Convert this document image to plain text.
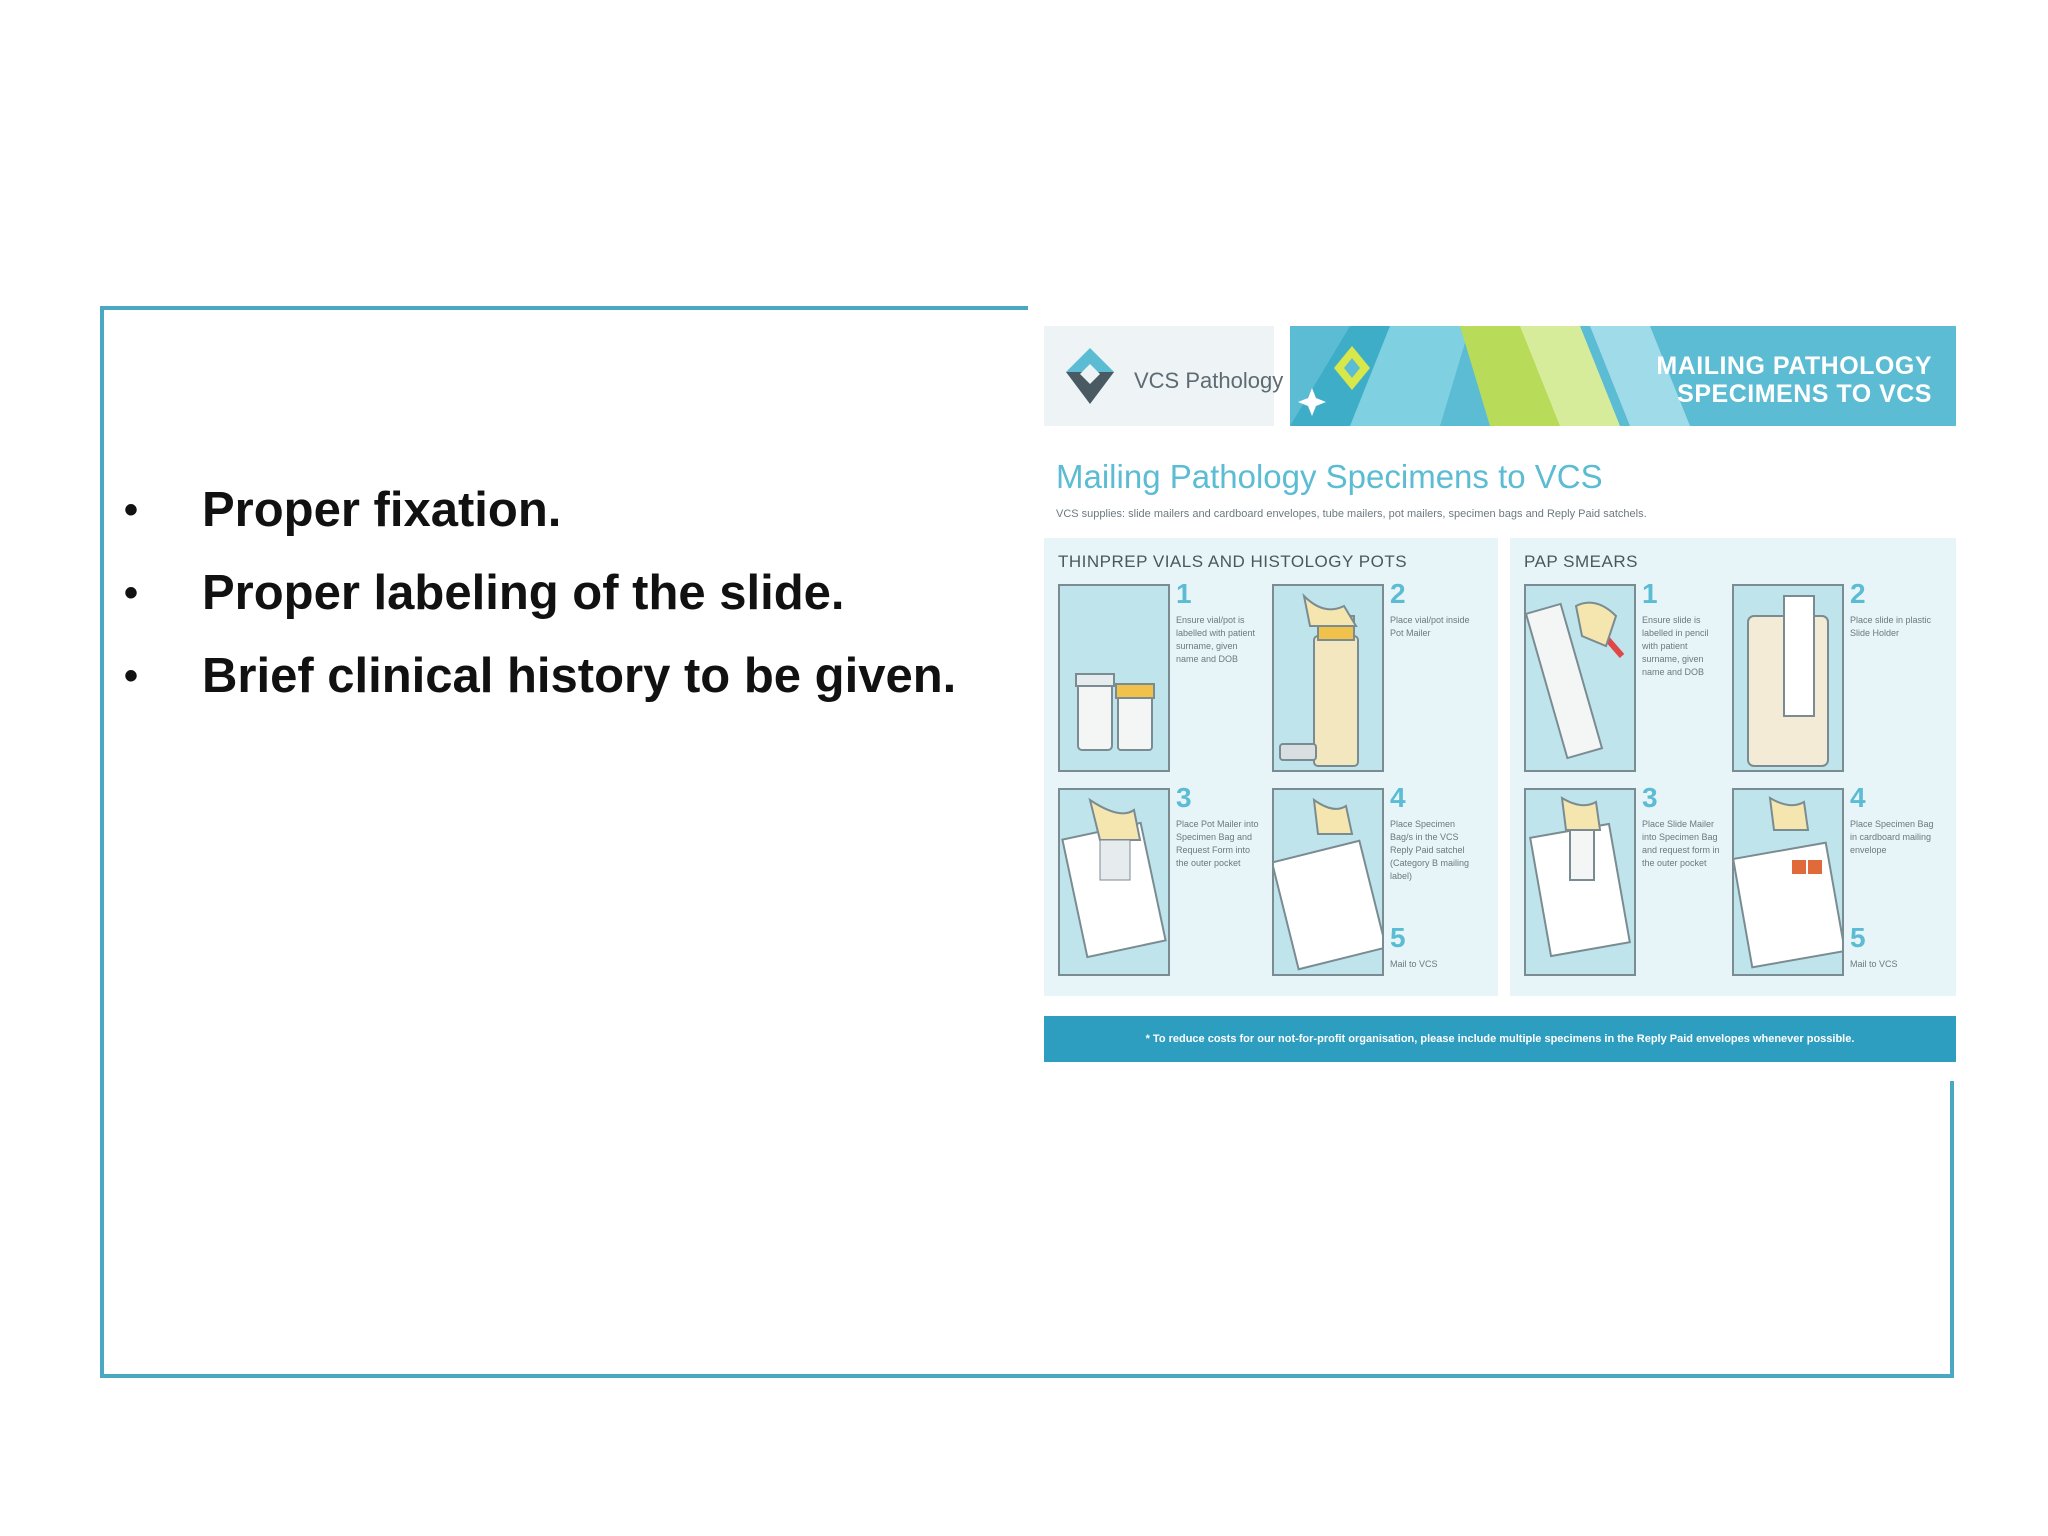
• Proper fixation.
• Proper labeling of the slide.
• Brief clinical history to be given.
VCS Pathology
MAILING PATHOLOGY
SPECIMENS TO VCS
Mailing Pathology Specimens to VCS
VCS supplies: slide mailers and cardboard envelopes, tube mailers, pot mailers, specimen bags and Reply Paid satchels.
THINPREP VIALS AND HISTOLOGY POTS
1
Ensure vial/pot is labelled with patient surname, given name and DOB
2
Place vial/pot inside Pot Mailer
3
Place Pot Mailer into Specimen Bag and Request Form into the outer pocket
4
Place Specimen Bag/s in the VCS Reply Paid satchel (Category B mailing label)
5
Mail to VCS
PAP SMEARS
1
Ensure slide is labelled in pencil with patient surname, given name and DOB
2
Place slide in plastic Slide Holder
3
Place Slide Mailer into Specimen Bag and request form in the outer pocket
4
Place Specimen Bag in cardboard mailing envelope
5
Mail to VCS
* To reduce costs for our not-for-profit organisation, please include multiple specimens in the Reply Paid envelopes whenever possible.
